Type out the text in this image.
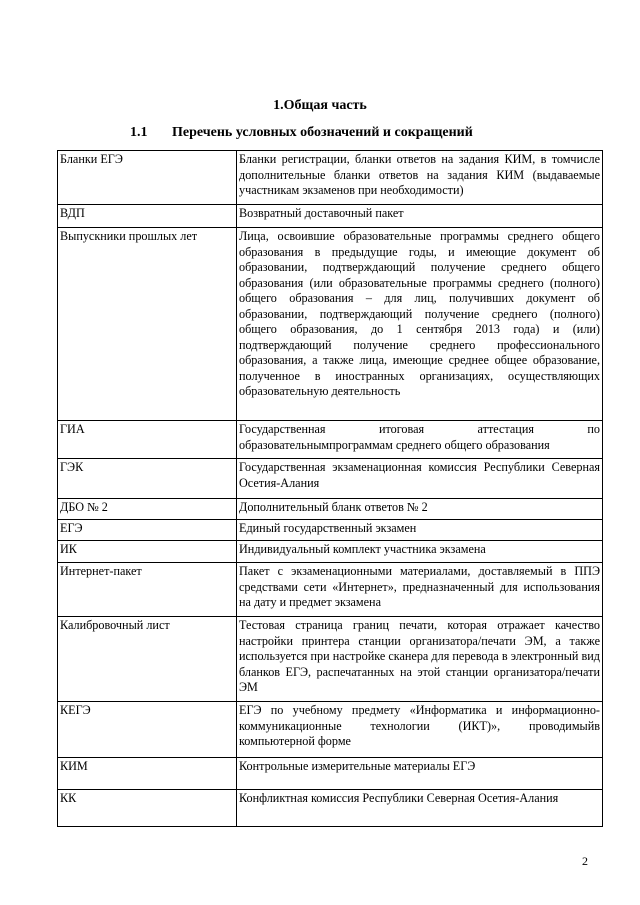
1.Общая часть
1.1 Перечень условных обозначений и сокращений
Бланки ЕГЭ	Бланки регистрации, бланки ответов на задания КИМ, в томчисле дополнительные бланки ответов на задания КИМ (выдаваемые участникам экзаменов при необходимости)
ВДП	Возвратный доставочный пакет
Выпускники прошлых лет	Лица, освоившие образовательные программы среднего общего образования в предыдущие годы, и имеющие документ об образовании, подтверждающий получение среднего общего образования (или образовательные программы среднего (полного) общего образования – для лиц, получивших документ об образовании, подтверждающий получение среднего (полного) общего образования, до 1 сентября 2013 года) и (или) подтверждающий получение среднего профессионального образования, а также лица, имеющие среднее общее образование, полученное в иностранных организациях, осуществляющих образовательную деятельность
ГИА	Государственная итоговая аттестация по образовательнымпрограммам среднего общего образования
ГЭК	Государственная экзаменационная комиссия Республики Северная Осетия-Алания
ДБО № 2	Дополнительный бланк ответов № 2
ЕГЭ	Единый государственный экзамен
ИК	Индивидуальный комплект участника экзамена
Интернет-пакет	Пакет с экзаменационными материалами, доставляемый в ППЭ средствами сети «Интернет», предназначенный для использования на дату и предмет экзамена
Калибровочный лист	Тестовая страница границ печати, которая отражает качество настройки принтера станции организатора/печати ЭМ, а также используется при настройке сканера для перевода в электронный вид бланков ЕГЭ, распечатанных на этой станции организатора/печати ЭМ
КЕГЭ	ЕГЭ по учебному предмету «Информатика и информационно-коммуникационные технологии (ИКТ)», проводимыйв компьютерной форме
КИМ	Контрольные измерительные материалы ЕГЭ
КК	Конфликтная комиссия Республики Северная Осетия-Алания
2
